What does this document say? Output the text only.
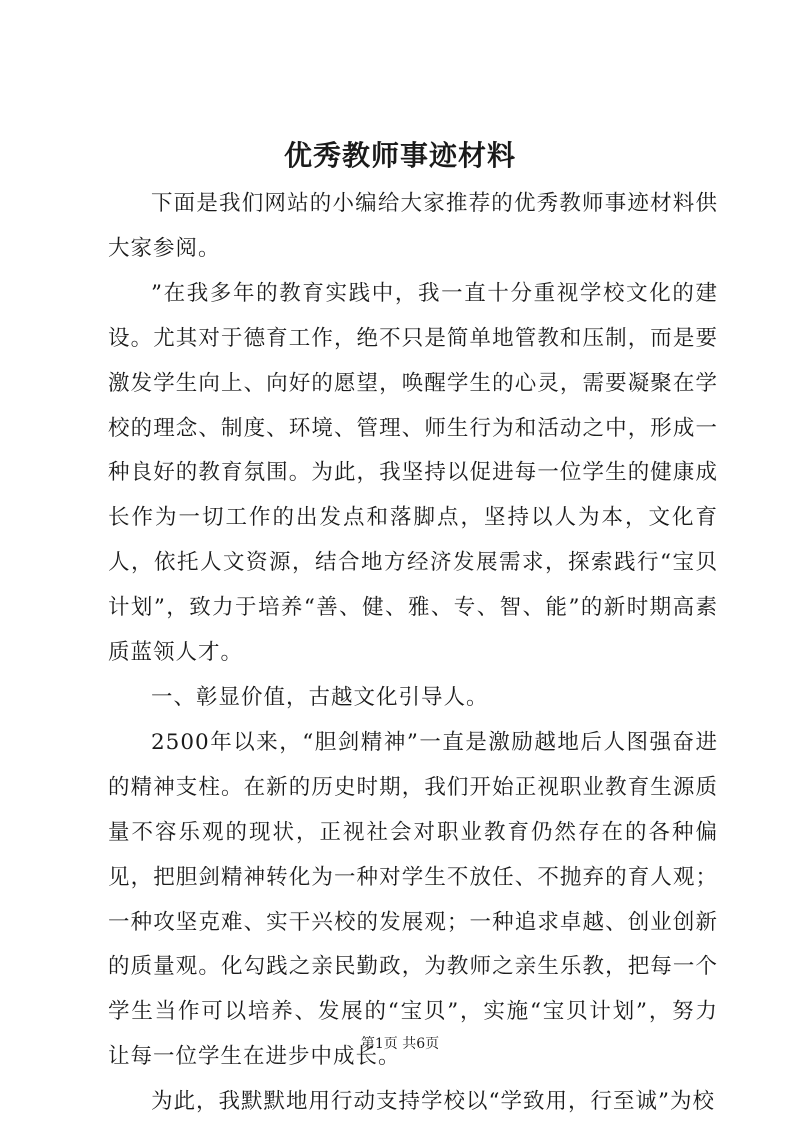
优秀教师事迹材料

下面是我们网站的小编给大家推荐的优秀教师事迹材料供大家参阅。

”在我多年的教育实践中，我一直十分重视学校文化的建设。尤其对于德育工作，绝不只是简单地管教和压制，而是要激发学生向上、向好的愿望，唤醒学生的心灵，需要凝聚在学校的理念、制度、环境、管理、师生行为和活动之中，形成一种良好的教育氛围。为此，我坚持以促进每一位学生的健康成长作为一切工作的出发点和落脚点，坚持以人为本，文化育人，依托人文资源，结合地方经济发展需求，探索践行“宝贝计划”，致力于培养“善、健、雅、专、智、能”的新时期高素质蓝领人才。

一、彰显价值，古越文化引导人。

2500年以来，“胆剑精神”一直是激励越地后人图强奋进的精神支柱。在新的历史时期，我们开始正视职业教育生源质量不容乐观的现状，正视社会对职业教育仍然存在的各种偏见，把胆剑精神转化为一种对学生不放任、不抛弃的育人观；一种攻坚克难、实干兴校的发展观；一种追求卓越、创业创新的质量观。化勾践之亲民勤政，为教师之亲生乐教，把每一个学生当作可以培养、发展的“宝贝”，实施“宝贝计划”，努力让每一位学生在进步中成长。

为此，我默默地用行动支持学校以“学致用，行至诚”为校

第1页 共6页
